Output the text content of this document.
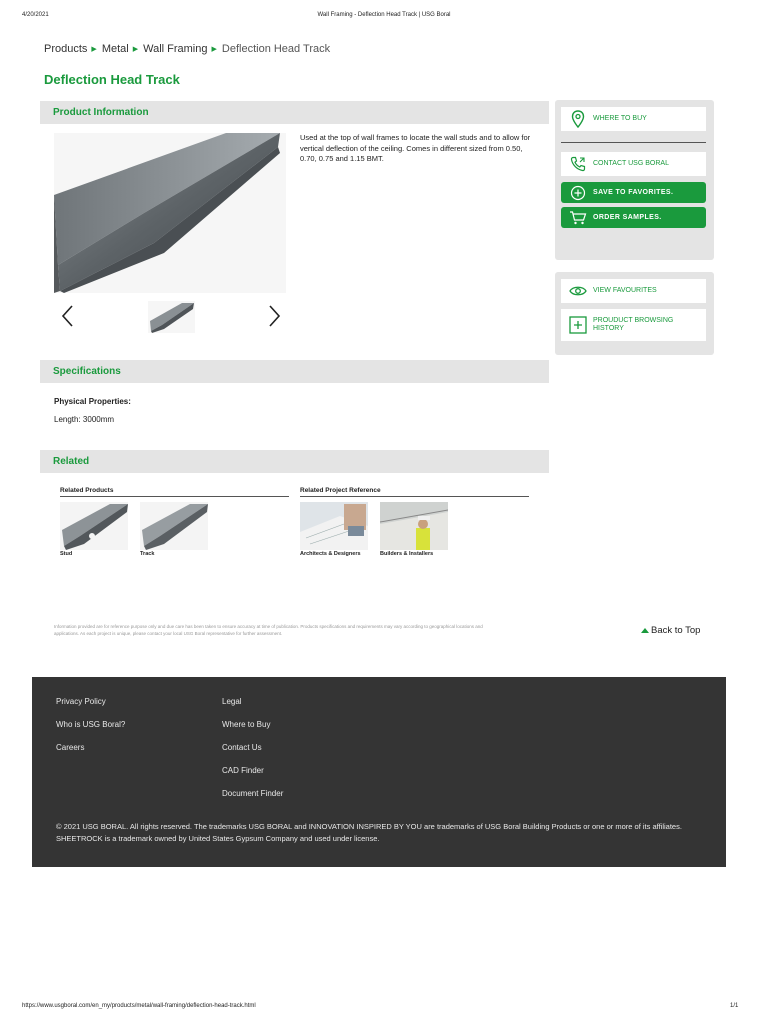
4/20/2021	Wall Framing - Deflection Head Track | USG Boral
Products ▶ Metal ▶ Wall Framing ▶ Deflection Head Track
Deflection Head Track
Product Information
Used at the top of wall frames to locate the wall studs and to allow for vertical deflection of the ceiling. Comes in different sized from 0.50, 0.70, 0.75 and 1.15 BMT.
Specifications
Physical Properties:
Length: 3000mm
Related
Related Products	Related Project Reference
Stud	Track	Architects & Designers	Builders & Installers
Information provided are for reference purpose only and due care has been taken to ensure accuracy at time of publication. Products specifications and requirements may vary according to geographical locations and applications. As each project is unique, please contact your local USG Boral representative for further assessment.	Back to Top
WHERE TO BUY
CONTACT USG BORAL
SAVE TO FAVORITES.
ORDER SAMPLES.
VIEW FAVOURITES
PROUDUCT BROWSING HISTORY
Privacy Policy
Who is USG Boral?
Careers
Legal
Where to Buy
Contact Us
CAD Finder
Document Finder
© 2021 USG BORAL. All rights reserved. The trademarks USG BORAL and INNOVATION INSPIRED BY YOU are trademarks of USG Boral Building Products or one or more of its affiliates. SHEETROCK is a trademark owned by United States Gypsum Company and used under license.
https://www.usgboral.com/en_my/products/metal/wall-framing/deflection-head-track.html	1/1
